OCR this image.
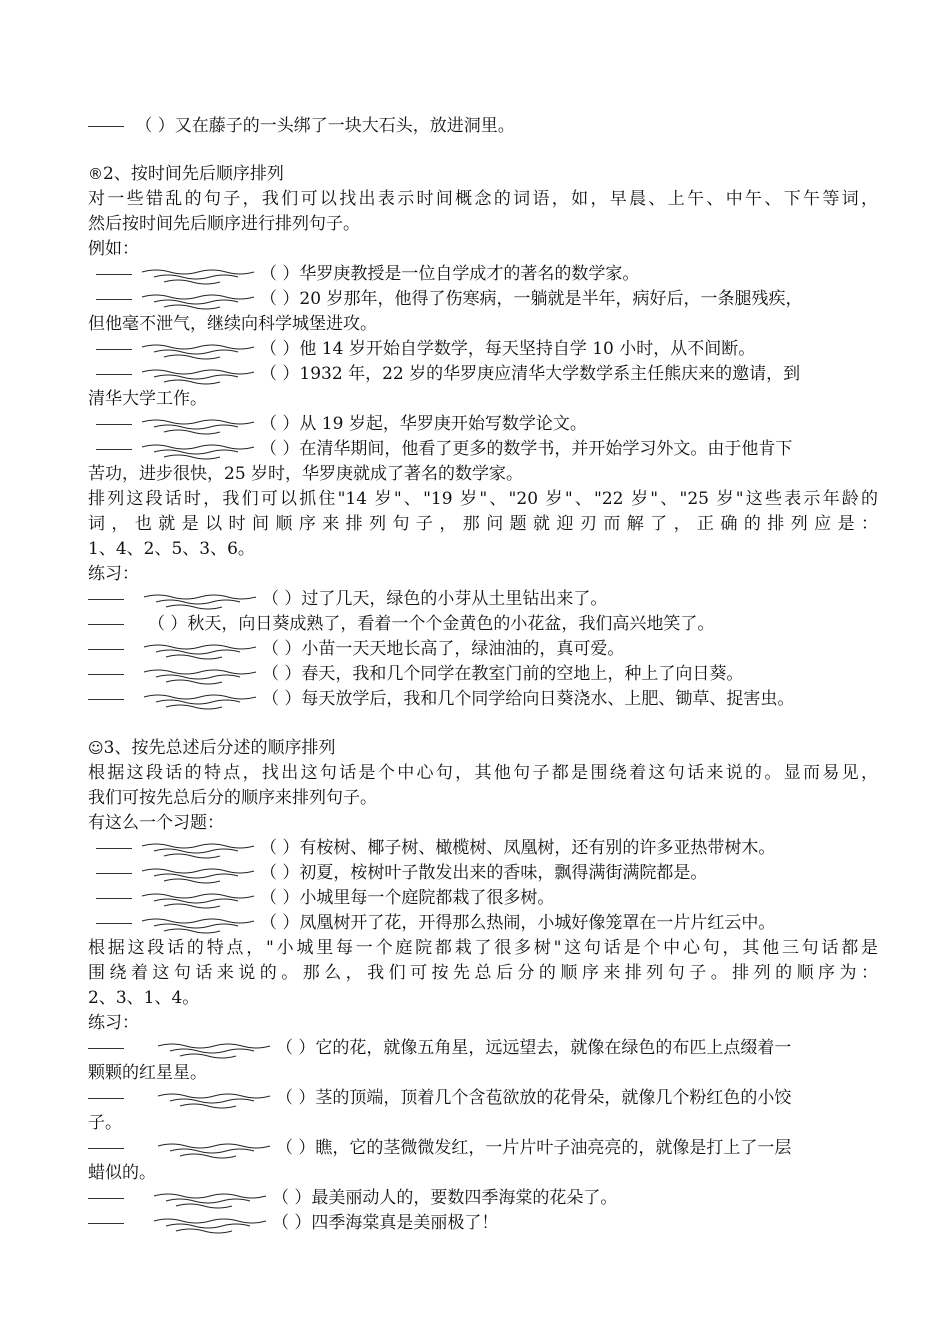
（ ）又在藤子的一头绑了一块大石头，放进洞里。
®2、按时间先后顺序排列
对一些错乱的句子，我们可以找出表示时间概念的词语，如，早晨、上午、中午、下午等词，
然后按时间先后顺序进行排列句子。
例如：
（ ）华罗庚教授是一位自学成才的著名的数学家。
（ ）20 岁那年，他得了伤寒病，一躺就是半年，病好后，一条腿残疾，
但他毫不泄气，继续向科学城堡进攻。
（ ）他 14 岁开始自学数学，每天坚持自学 10 小时，从不间断。
（ ）1932 年，22 岁的华罗庚应清华大学数学系主任熊庆来的邀请，到
清华大学工作。
（ ）从 19 岁起，华罗庚开始写数学论文。
（ ）在清华期间，他看了更多的数学书，并开始学习外文。由于他肯下
苦功，进步很快，25 岁时，华罗庚就成了著名的数学家。
排列这段话时，我们可以抓住"14 岁"、"19 岁"、"20 岁"、"22 岁"、"25 岁"这些表示年龄的
词，也就是以时间顺序来排列句子，那问题就迎刃而解了，正确的排列应是：
1、4、2、5、3、6。
练习：
（ ）过了几天，绿色的小芽从土里钻出来了。
（ ）秋天，向日葵成熟了，看着一个个金黄色的小花盆，我们高兴地笑了。
（ ）小苗一天天地长高了，绿油油的，真可爱。
（ ）春天，我和几个同学在教室门前的空地上，种上了向日葵。
（ ）每天放学后，我和几个同学给向日葵浇水、上肥、锄草、捉害虫。
☺3、按先总述后分述的顺序排列
根据这段话的特点，找出这句话是个中心句，其他句子都是围绕着这句话来说的。显而易见，
我们可按先总后分的顺序来排列句子。
有这么一个习题：
（ ）有桉树、椰子树、橄榄树、凤凰树，还有别的许多亚热带树木。
（ ）初夏，桉树叶子散发出来的香味，飘得满街满院都是。
（ ）小城里每一个庭院都栽了很多树。
（ ）凤凰树开了花，开得那么热闹，小城好像笼罩在一片片红云中。
根据这段话的特点，"小城里每一个庭院都栽了很多树"这句话是个中心句，其他三句话都是
围绕着这句话来说的。那么，我们可按先总后分的顺序来排列句子。排列的顺序为：
2、3、1、4。
练习：
（ ）它的花，就像五角星，远远望去，就像在绿色的布匹上点缀着一
颗颗的红星星。
（ ）茎的顶端，顶着几个含苞欲放的花骨朵，就像几个粉红色的小饺
子。
（ ）瞧，它的茎微微发红，一片片叶子油亮亮的，就像是打上了一层
蜡似的。
（ ）最美丽动人的，要数四季海棠的花朵了。
（ ）四季海棠真是美丽极了！
